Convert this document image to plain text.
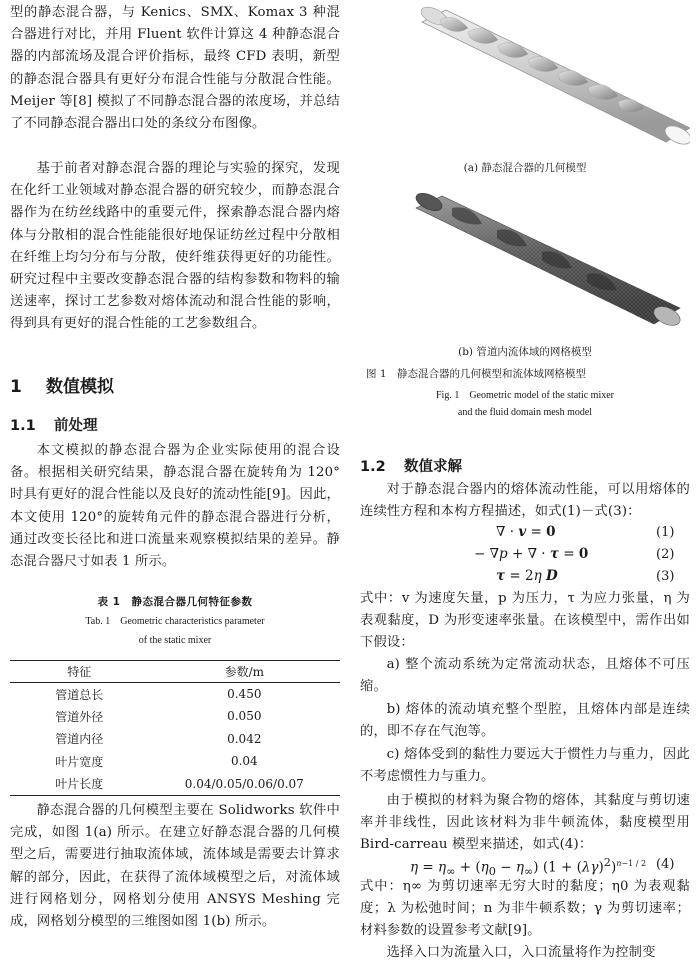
型的静态混合器，与 Kenics、SMX、Komax 3 种混合器进行对比，并用 Fluent 软件计算这 4 种静态混合器的内部流场及混合评价指标，最终 CFD 表明，新型的静态混合器具有更好分布混合性能与分散混合性能。Meijer 等[8] 模拟了不同静态混合器的浓度场，并总结了不同静态混合器出口处的条纹分布图像。

基于前者对静态混合器的理论与实验的探究，发现在化纤工业领域对静态混合器的研究较少，而静态混合器作为在纺丝线路中的重要元件，探索静态混合器内熔体与分散相的混合性能能很好地保证纺丝过程中分散相在纤维上均匀分布与分散，使纤维获得更好的功能性。研究过程中主要改变静态混合器的结构参数和物料的输送速率，探讨工艺参数对熔体流动和混合性能的影响，得到具有更好的混合性能的工艺参数组合。

1 数值模拟
1.1 前处理

本文模拟的静态混合器为企业实际使用的混合设备。根据相关研究结果，静态混合器在旋转角为 120°时具有更好的混合性能以及良好的流动性能[9]。因此，本文使用 120°的旋转角元件的静态混合器进行分析，通过改变长径比和进口流量来观察模拟结果的差异。静态混合器尺寸如表 1 所示。

表 1　静态混合器几何特征参数
Tab. 1　Geometric characteristics parameter
of the static mixer
特征	参数/m
管道总长	0.450
管道外径	0.050
管道内径	0.042
叶片宽度	0.04
叶片长度	0.04/0.05/0.06/0.07

静态混合器的几何模型主要在 Solidworks 软件中完成，如图 1(a) 所示。在建立好静态混合器的几何模型之后，需要进行抽取流体域，流体域是需要去计算求解的部分，因此，在获得了流体域模型之后，对流体域进行网格划分，网格划分使用 ANSYS Meshing 完成，网格划分模型的三维图如图 1(b) 所示。

(a) 静态混合器的几何模型
(b) 管道内流体域的网格模型
图 1　静态混合器的几何模型和流体域网格模型
Fig. 1　Geometric model of the static mixer
and the fluid domain mesh model
1.2 数值求解

对于静态混合器内的熔体流动性能，可以用熔体的连续性方程和本构方程描述，如式(1)－式(3)：

∇ · v = 0	(1)
− ∇p + ∇ · τ = 0	(2)
τ = 2η D	(3)

式中：v 为速度矢量，p 为压力，τ 为应力张量，η 为表观黏度，D 为形变速率张量。在该模型中，需作出如下假设：

a) 整个流动系统为定常流动状态，且熔体不可压缩。

b) 熔体的流动填充整个型腔，且熔体内部是连续的，即不存在气泡等。

c) 熔体受到的黏性力要远大于惯性力与重力，因此不考虑惯性力与重力。

由于模拟的材料为聚合物的熔体，其黏度与剪切速率并非线性，因此该材料为非牛顿流体，黏度模型用 Bird-carreau 模型来描述，如式(4)：

$\eta = \eta_\infty + (\eta_0 - \eta_\infty) (1 + (\lambda\gamma)^2)^{n-1 / 2}$ (4)

式中：η∞ 为剪切速率无穷大时的黏度；η0 为表观黏度；λ 为松弛时间；n 为非牛顿系数；γ 为剪切速率；材料参数的设置参考文献[9]。

选择入口为流量入口，入口流量将作为控制变
